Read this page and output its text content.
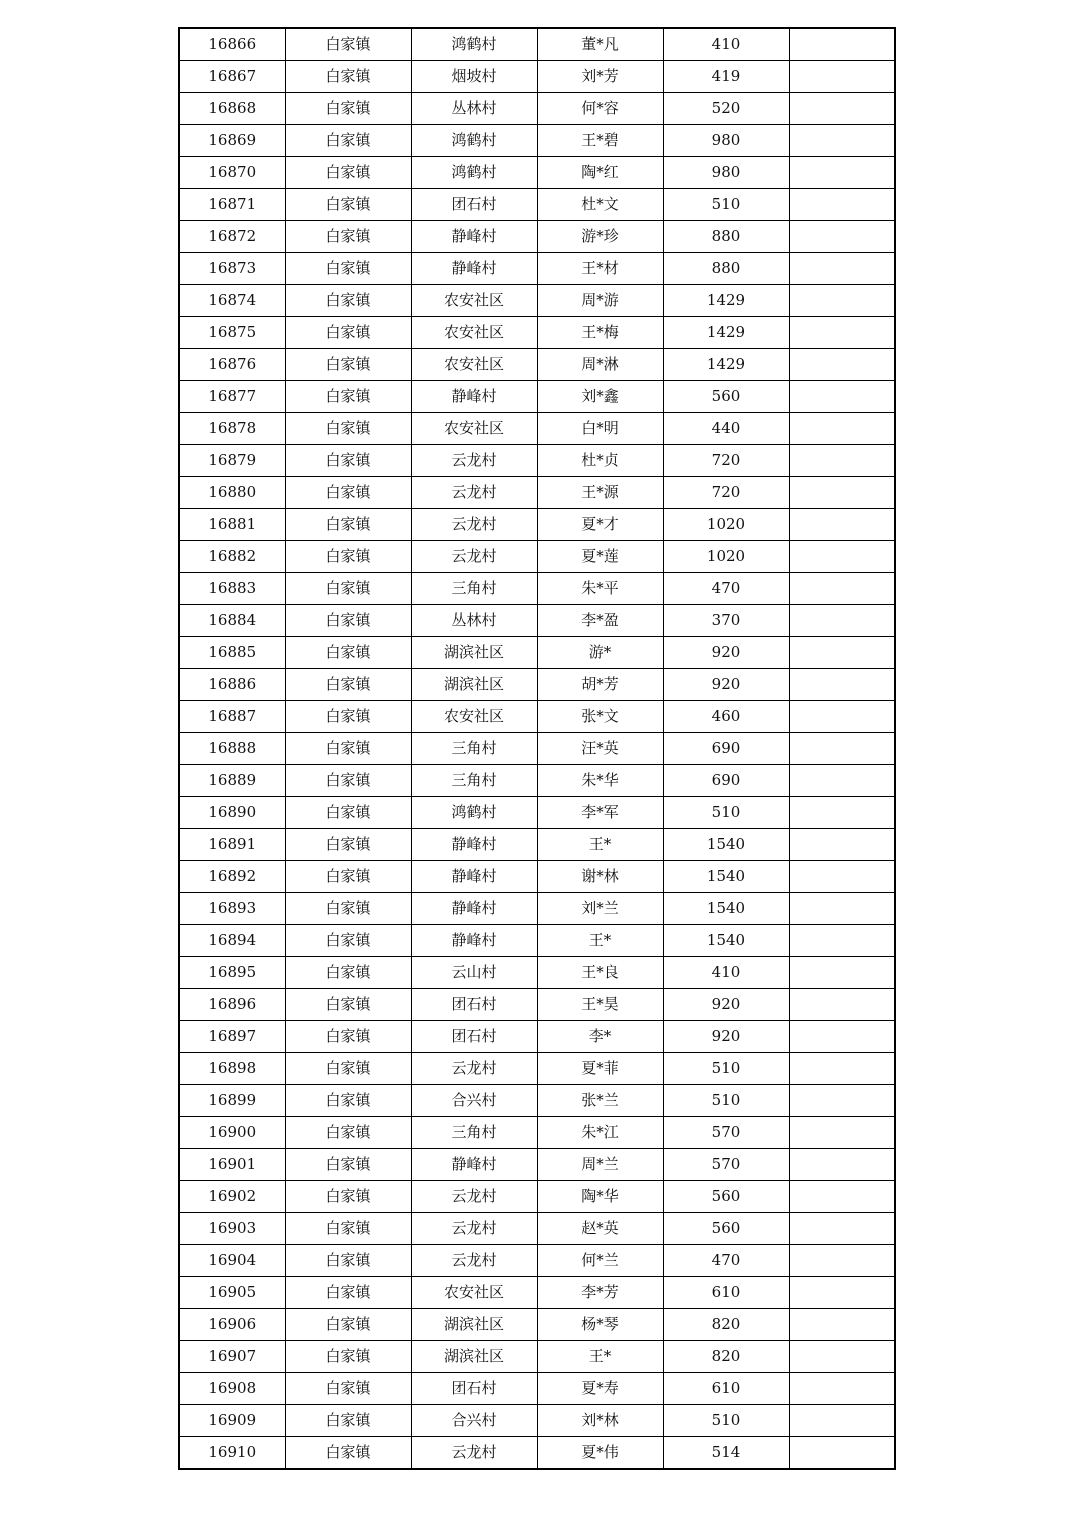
16866	白家镇	鸿鹤村	董*凡	410	
16867	白家镇	烟坡村	刘*芳	419	
16868	白家镇	丛林村	何*容	520	
16869	白家镇	鸿鹤村	王*碧	980	
16870	白家镇	鸿鹤村	陶*红	980	
16871	白家镇	团石村	杜*文	510	
16872	白家镇	静峰村	游*珍	880	
16873	白家镇	静峰村	王*材	880	
16874	白家镇	农安社区	周*游	1429	
16875	白家镇	农安社区	王*梅	1429	
16876	白家镇	农安社区	周*淋	1429	
16877	白家镇	静峰村	刘*鑫	560	
16878	白家镇	农安社区	白*明	440	
16879	白家镇	云龙村	杜*贞	720	
16880	白家镇	云龙村	王*源	720	
16881	白家镇	云龙村	夏*才	1020	
16882	白家镇	云龙村	夏*莲	1020	
16883	白家镇	三角村	朱*平	470	
16884	白家镇	丛林村	李*盈	370	
16885	白家镇	湖滨社区	游*	920	
16886	白家镇	湖滨社区	胡*芳	920	
16887	白家镇	农安社区	张*文	460	
16888	白家镇	三角村	汪*英	690	
16889	白家镇	三角村	朱*华	690	
16890	白家镇	鸿鹤村	李*军	510	
16891	白家镇	静峰村	王*	1540	
16892	白家镇	静峰村	谢*林	1540	
16893	白家镇	静峰村	刘*兰	1540	
16894	白家镇	静峰村	王*	1540	
16895	白家镇	云山村	王*良	410	
16896	白家镇	团石村	王*昊	920	
16897	白家镇	团石村	李*	920	
16898	白家镇	云龙村	夏*菲	510	
16899	白家镇	合兴村	张*兰	510	
16900	白家镇	三角村	朱*江	570	
16901	白家镇	静峰村	周*兰	570	
16902	白家镇	云龙村	陶*华	560	
16903	白家镇	云龙村	赵*英	560	
16904	白家镇	云龙村	何*兰	470	
16905	白家镇	农安社区	李*芳	610	
16906	白家镇	湖滨社区	杨*琴	820	
16907	白家镇	湖滨社区	王*	820	
16908	白家镇	团石村	夏*寿	610	
16909	白家镇	合兴村	刘*林	510	
16910	白家镇	云龙村	夏*伟	514	
